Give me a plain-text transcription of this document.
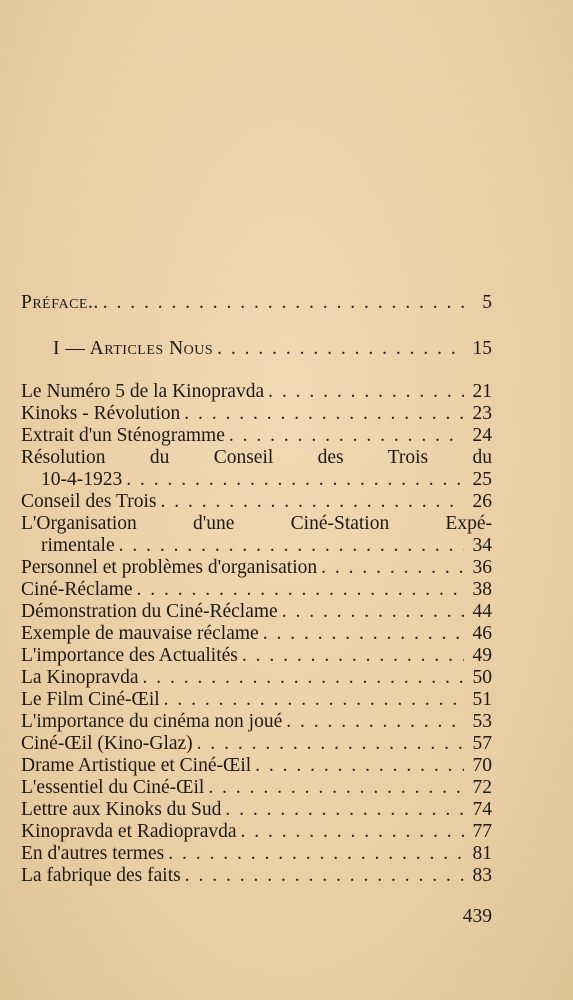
Préface.. . . .	5
I — Articles Nous . . .	15
Le Numéro 5 de la Kinopravda . . .	21
Kinoks - Révolution . . .	23
Extrait d'un Sténogramme . . .	24
Résolution du Conseil des Trois du
10-4-1923 . . .	25
Conseil des Trois . . .	26
L'Organisation d'une Ciné-Station Expé-
rimentale . . .	34
Personnel et problèmes d'organisation . . .	36
Ciné-Réclame . . .	38
Démonstration du Ciné-Réclame . . .	44
Exemple de mauvaise réclame . . .	46
L'importance des Actualités . . .	49
La Kinopravda . . .	50
Le Film Ciné-Œil . . .	51
L'importance du cinéma non joué . . .	53
Ciné-Œil (Kino-Glaz) . . .	57
Drame Artistique et Ciné-Œil . . .	70
L'essentiel du Ciné-Œil . . .	72
Lettre aux Kinoks du Sud . . .	74
Kinopravda et Radiopravda . . .	77
En d'autres termes . . .	81
La fabrique des faits . . .	83
439
